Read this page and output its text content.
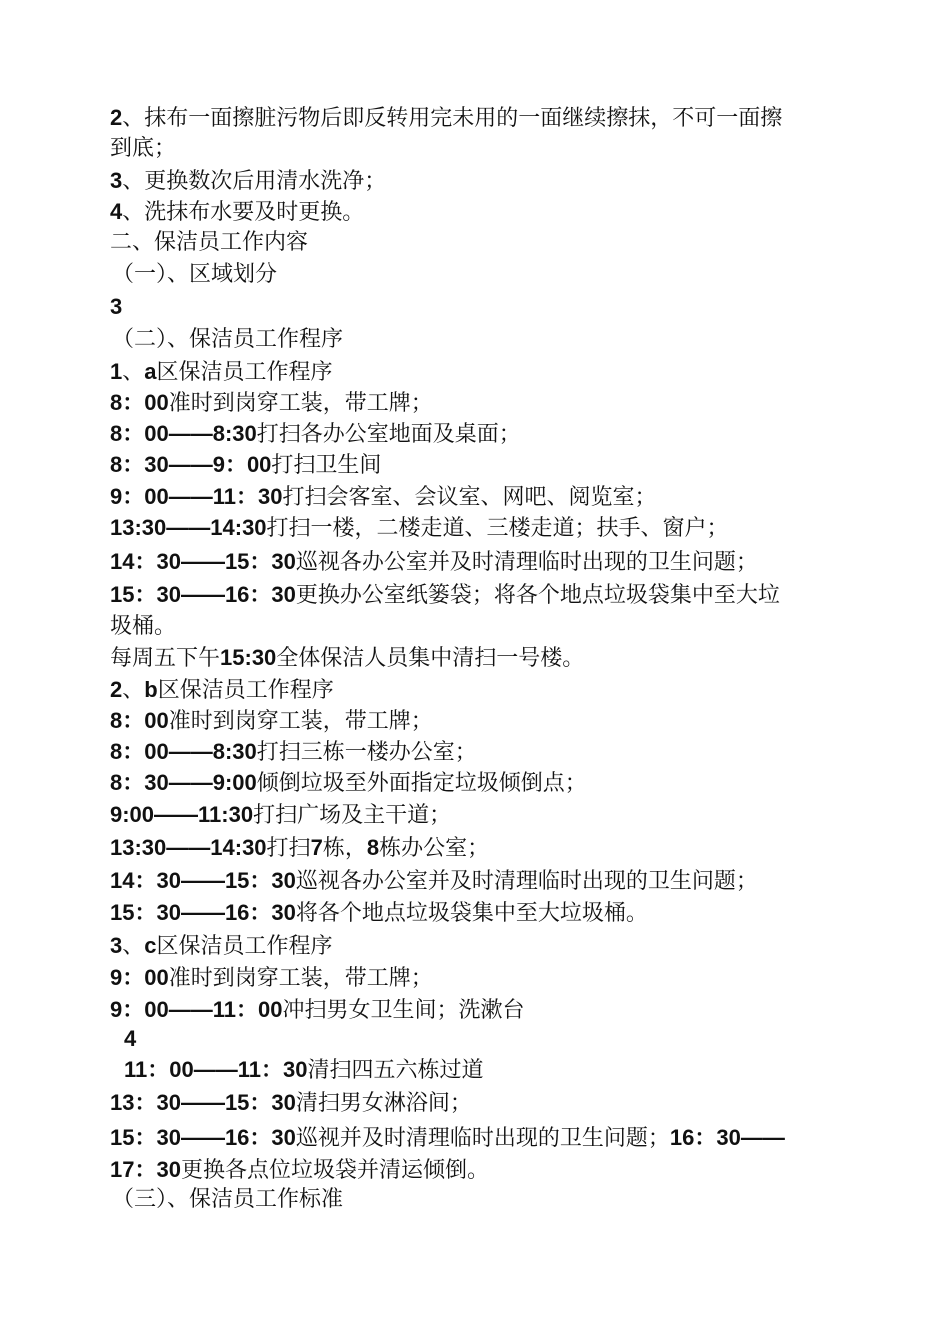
2、抹布一面擦脏污物后即反转用完未用的一面继续擦抹，不可一面擦
到底；
3、更换数次后用清水洗净；
4、洗抹布水要及时更换。
二、保洁员工作内容
（一）、区域划分
3
（二）、保洁员工作程序
1、a区保洁员工作程序
8：00准时到岗穿工装，带工牌；
8：00——8:30打扫各办公室地面及桌面；
8：30——9：00打扫卫生间
9：00——11：30打扫会客室、会议室、网吧、阅览室；
13:30——14:30打扫一楼，二楼走道、三楼走道；扶手、窗户；
14：30——15：30巡视各办公室并及时清理临时出现的卫生问题；
15：30——16：30更换办公室纸篓袋；将各个地点垃圾袋集中至大垃
圾桶。
每周五下午15:30全体保洁人员集中清扫一号楼。
2、b区保洁员工作程序
8：00准时到岗穿工装，带工牌；
8：00——8:30打扫三栋一楼办公室；
8：30——9:00倾倒垃圾至外面指定垃圾倾倒点；
9:00——11:30打扫广场及主干道；
13:30——14:30打扫7栋，8栋办公室；
14：30——15：30巡视各办公室并及时清理临时出现的卫生问题；
15：30——16：30将各个地点垃圾袋集中至大垃圾桶。
3、c区保洁员工作程序
9：00准时到岗穿工装，带工牌；
9：00——11：00冲扫男女卫生间；洗漱台
4
11：00——11：30清扫四五六栋过道
13：30——15：30清扫男女淋浴间；
15：30——16：30巡视并及时清理临时出现的卫生问题；16：30——
17：30更换各点位垃圾袋并清运倾倒。
（三）、保洁员工作标准
